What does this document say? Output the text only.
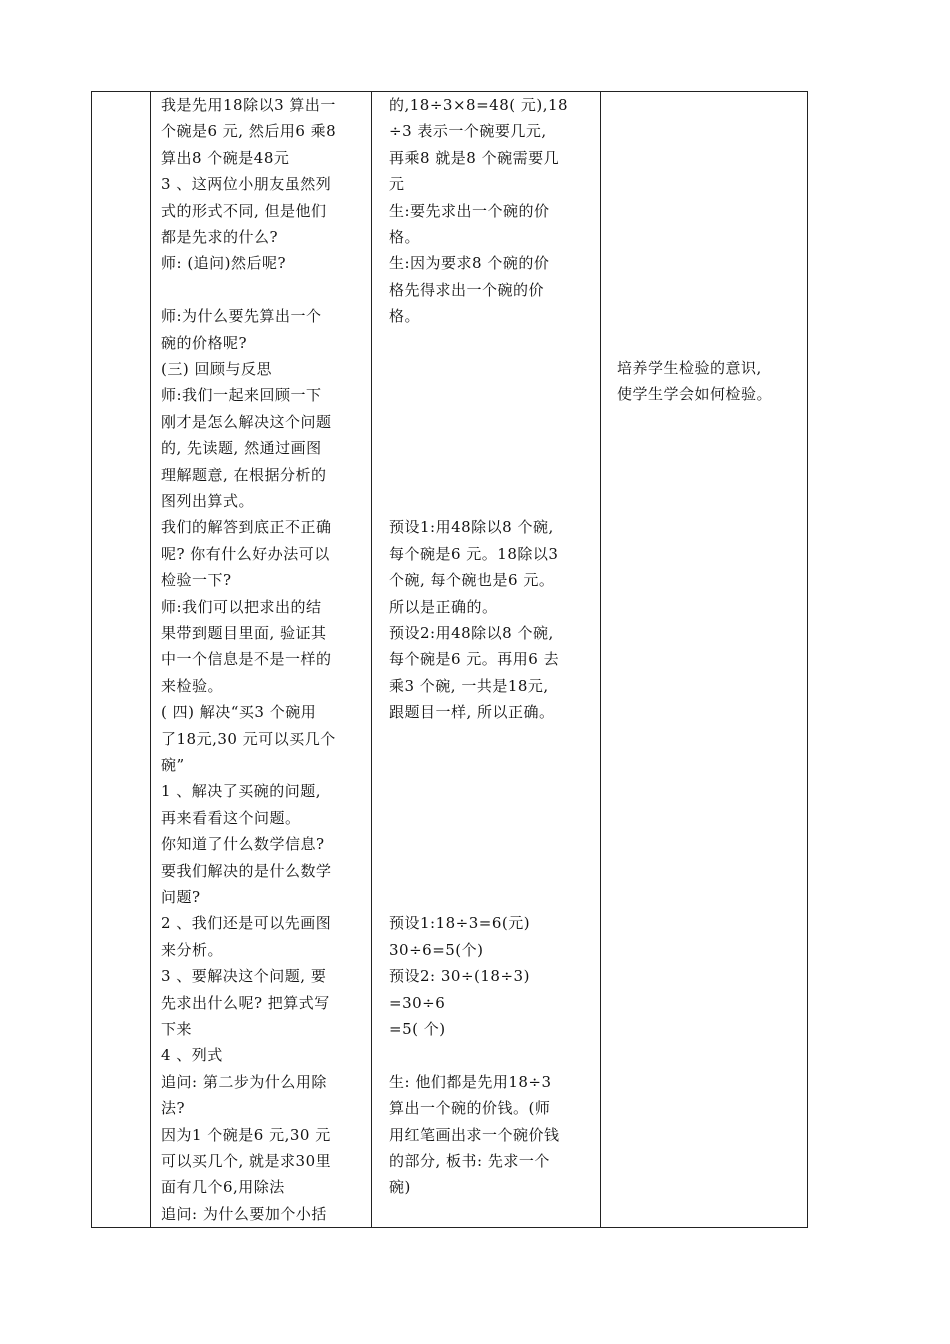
我是先用18除以3 算出一
个碗是6 元, 然后用6 乘8
算出8 个碗是48元
3 、这两位小朋友虽然列
式的形式不同, 但是他们
都是先求的什么?
师: (追问)然后呢?
师:为什么要先算出一个
碗的价格呢?
(三) 回顾与反思
师:我们一起来回顾一下
刚才是怎么解决这个问题
的, 先读题, 然通过画图
理解题意, 在根据分析的
图列出算式。
我们的解答到底正不正确
呢? 你有什么好办法可以
检验一下?
师:我们可以把求出的结
果带到题目里面, 验证其
中一个信息是不是一样的
来检验。
( 四) 解决“买3 个碗用
了18元,30 元可以买几个
碗”
1 、解决了买碗的问题,
再来看看这个问题。
你知道了什么数学信息?
要我们解决的是什么数学
问题?
2 、我们还是可以先画图
来分析。
3 、要解决这个问题, 要
先求出什么呢? 把算式写
下来
4 、列式
追问: 第二步为什么用除
法?
因为1 个碗是6 元,30 元
可以买几个, 就是求30里
面有几个6,用除法
追问: 为什么要加个小括
的,18÷3×8=48( 元),18
÷3 表示一个碗要几元,
再乘8 就是8 个碗需要几
元
生:要先求出一个碗的价
格。
生:因为要求8 个碗的价
格先得求出一个碗的价
格。
预设1:用48除以8 个碗,
每个碗是6 元。18除以3
个碗, 每个碗也是6 元。
所以是正确的。
预设2:用48除以8 个碗,
每个碗是6 元。再用6 去
乘3 个碗, 一共是18元,
跟题目一样, 所以正确。
预设1:18÷3=6(元)
30÷6=5(个)
预设2: 30÷(18÷3)
=30÷6
=5( 个)
生: 他们都是先用18÷3
算出一个碗的价钱。(师
用红笔画出求一个碗价钱
的部分, 板书: 先求一个
碗)
培养学生检验的意识,
使学生学会如何检验。
